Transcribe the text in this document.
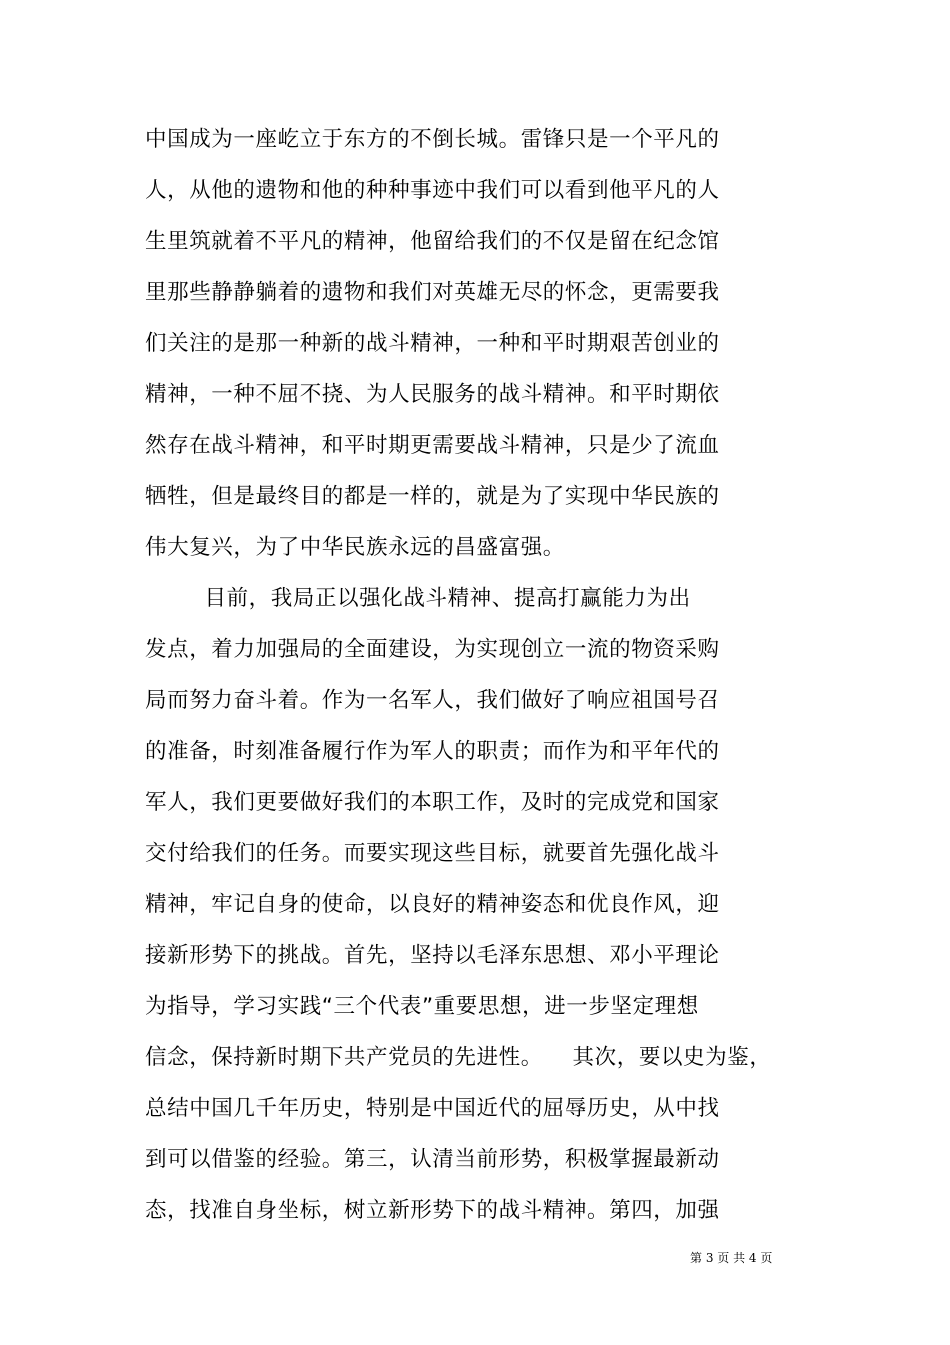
中国成为一座屹立于东方的不倒长城。雷锋只是一个平凡的
人，从他的遗物和他的种种事迹中我们可以看到他平凡的人
生里筑就着不平凡的精神，他留给我们的不仅是留在纪念馆
里那些静静躺着的遗物和我们对英雄无尽的怀念，更需要我
们关注的是那一种新的战斗精神，一种和平时期艰苦创业的
精神，一种不屈不挠、为人民服务的战斗精神。和平时期依
然存在战斗精神，和平时期更需要战斗精神，只是少了流血
牺牲，但是最终目的都是一样的，就是为了实现中华民族的
伟大复兴，为了中华民族永远的昌盛富强。
目前，我局正以强化战斗精神、提高打赢能力为出
发点，着力加强局的全面建设，为实现创立一流的物资采购
局而努力奋斗着。作为一名军人，我们做好了响应祖国号召
的准备，时刻准备履行作为军人的职责；而作为和平年代的
军人，我们更要做好我们的本职工作，及时的完成党和国家
交付给我们的任务。而要实现这些目标，就要首先强化战斗
精神，牢记自身的使命，以良好的精神姿态和优良作风，迎
接新形势下的挑战。首先，坚持以毛泽东思想、邓小平理论
为指导，学习实践“三个代表”重要思想，进一步坚定理想
信念，保持新时期下共产党员的先进性。    其次，要以史为鉴，
总结中国几千年历史，特别是中国近代的屈辱历史，从中找
到可以借鉴的经验。第三，认清当前形势，积极掌握最新动
态，找准自身坐标，树立新形势下的战斗精神。第四，加强
第 3 页 共 4 页
